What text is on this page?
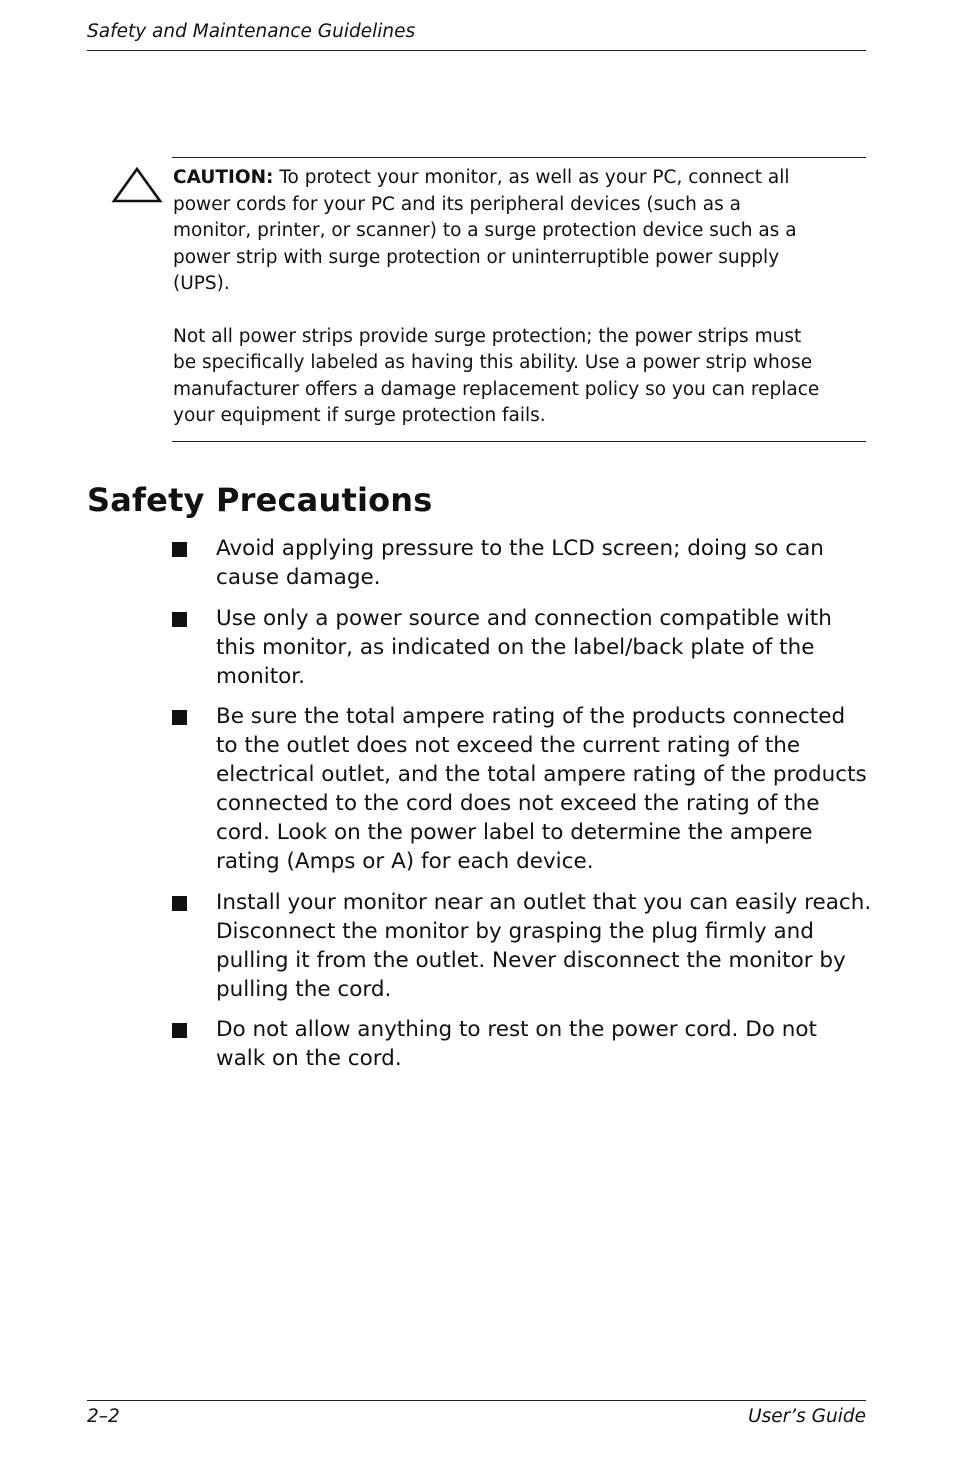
Safety and Maintenance Guidelines

CAUTION: To protect your monitor, as well as your PC, connect all power cords for your PC and its peripheral devices (such as a monitor, printer, or scanner) to a surge protection device such as a power strip with surge protection or uninterruptible power supply (UPS).

Not all power strips provide surge protection; the power strips must be specifically labeled as having this ability. Use a power strip whose manufacturer offers a damage replacement policy so you can replace your equipment if surge protection fails.

Safety Precautions
Avoid applying pressure to the LCD screen; doing so can cause damage.
Use only a power source and connection compatible with this monitor, as indicated on the label/back plate of the monitor.
Be sure the total ampere rating of the products connected to the outlet does not exceed the current rating of the electrical outlet, and the total ampere rating of the products connected to the cord does not exceed the rating of the cord. Look on the power label to determine the ampere rating (Amps or A) for each device.
Install your monitor near an outlet that you can easily reach. Disconnect the monitor by grasping the plug firmly and pulling it from the outlet. Never disconnect the monitor by pulling the cord.
Do not allow anything to rest on the power cord. Do not walk on the cord.
2–2	User’s Guide
